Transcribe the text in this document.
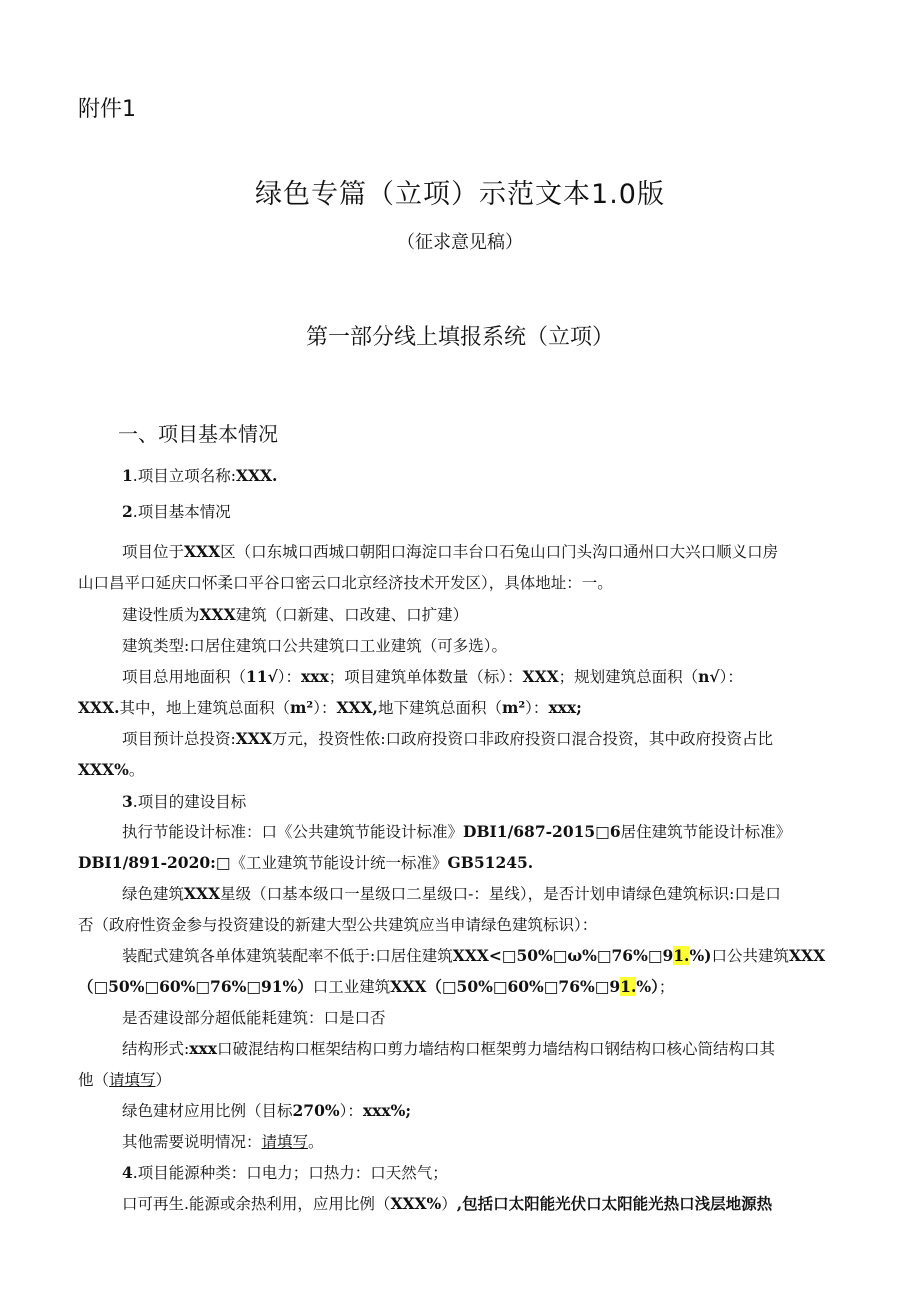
附件1
绿色专篇（立项）示范文本1.0版
（征求意见稿）
第一部分线上填报系统（立项）
一、项目基本情况
1.项目立项名称:XXX.
2.项目基本情况
项目位于XXX区（口东城口西城口朝阳口海淀口丰台口石兔山口门头沟口通州口大兴口顺义口房
山口昌平口延庆口怀柔口平谷口密云口北京经济技术开发区），具体地址：一。
建设性质为XXX建筑（口新建、口改建、口扩建）
建筑类型:口居住建筑口公共建筑口工业建筑（可多选）。
项目总用地面积（11√）：xxx；项目建筑单体数量（标）：XXX；规划建筑总面积（n√）：
XXX.其中，地上建筑总面积（m²）：XXX,地下建筑总面积（m²）：xxx;
项目预计总投资:XXX万元，投资性侬:口政府投资口非政府投资口混合投资，其中政府投资占比
XXX%。
3.项目的建设目标
执行节能设计标准：口《公共建筑节能设计标准》DBI1/687-2015□6居住建筑节能设计标准》
DBI1/891-2020:□《工业建筑节能设计统一标准》GB51245.
绿色建筑XXX星级（口基本级口一星级口二星级口-：星线），是否计划申请绿色建筑标识:口是口
否（政府性资金参与投资建设的新建大型公共建筑应当申请绿色建筑标识）：
装配式建筑各单体建筑装配率不低于:口居住建筑XXX<□50%□ω%□76%□91.%)口公共建筑XXX
（□50%□60%□76%□91%）口工业建筑XXX（□50%□60%□76%□91.%）；
是否建设部分超低能耗建筑：口是口否
结构形式:xxx口破混结构口框架结构口剪力墙结构口框架剪力墙结构口钢结构口核心筒结构口其
他（请填写）
绿色建材应用比例（目标270%）：xxx%;
其他需要说明情况：请填写。
4.项目能源种类：口电力；口热力：口天然气；
口可再生.能源或余热利用，应用比例（XXX%）,包括口太阳能光伏口太阳能光热口浅层地源热
